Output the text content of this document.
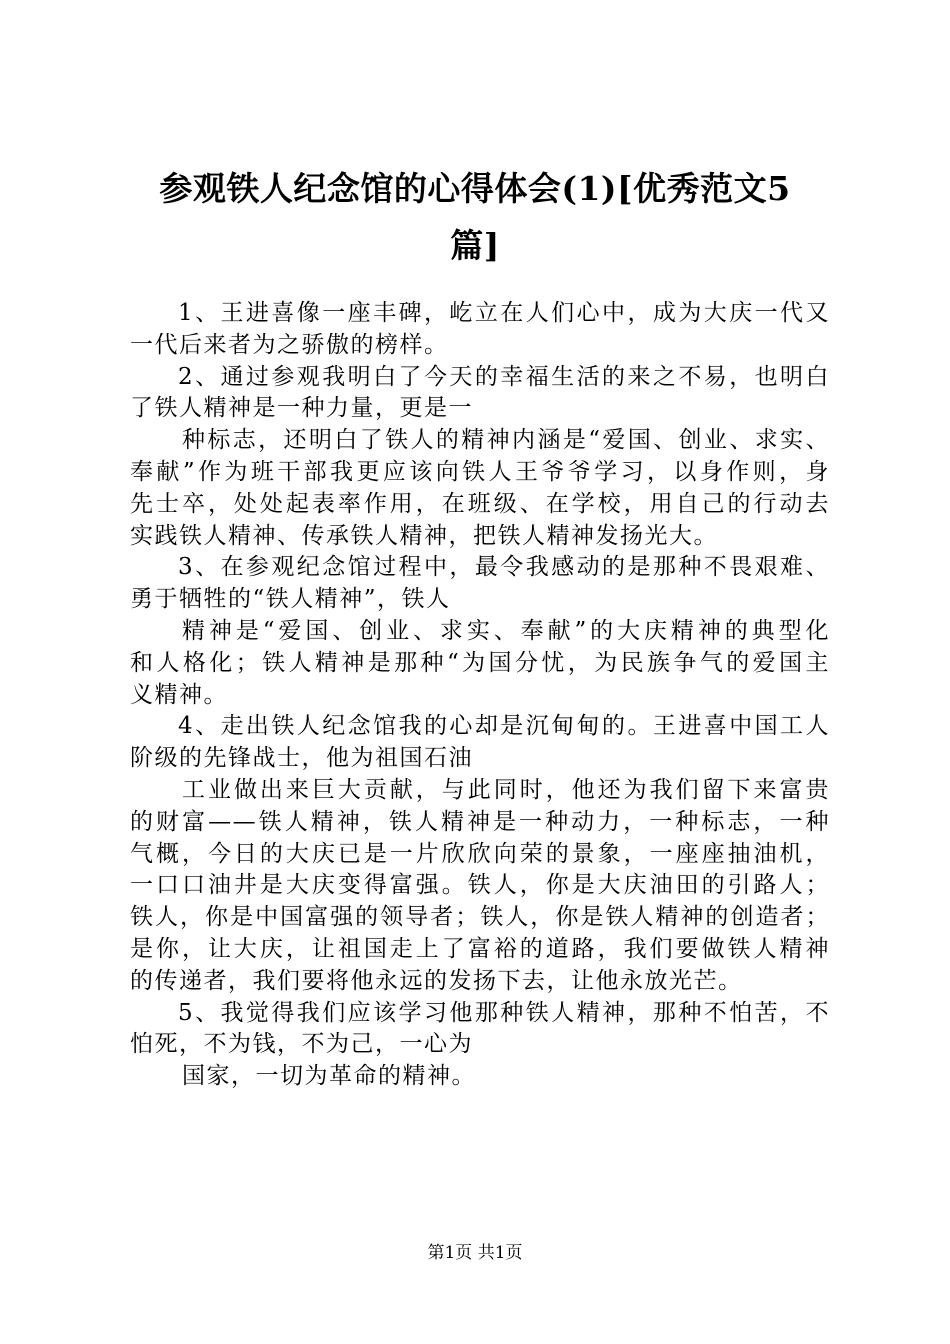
参观铁人纪念馆的心得体会(1)[优秀范文5
篇]
1、王进喜像一座丰碑，屹立在人们心中，成为大庆一代又
一代后来者为之骄傲的榜样。
2、通过参观我明白了今天的幸福生活的来之不易，也明白
了铁人精神是一种力量，更是一
种标志，还明白了铁人的精神内涵是“爱国、创业、求实、
奉献”作为班干部我更应该向铁人王爷爷学习，以身作则，身
先士卒，处处起表率作用，在班级、在学校，用自己的行动去
实践铁人精神、传承铁人精神，把铁人精神发扬光大。
3、在参观纪念馆过程中，最令我感动的是那种不畏艰难、
勇于牺牲的“铁人精神”，铁人
精神是“爱国、创业、求实、奉献”的大庆精神的典型化
和人格化；铁人精神是那种“为国分忧，为民族争气的爱国主
义精神。
4、走出铁人纪念馆我的心却是沉甸甸的。王进喜中国工人
阶级的先锋战士，他为祖国石油
工业做出来巨大贡献，与此同时，他还为我们留下来富贵
的财富——铁人精神，铁人精神是一种动力，一种标志，一种
气概，今日的大庆已是一片欣欣向荣的景象，一座座抽油机，
一口口油井是大庆变得富强。铁人，你是大庆油田的引路人；
铁人，你是中国富强的领导者；铁人，你是铁人精神的创造者；
是你，让大庆，让祖国走上了富裕的道路，我们要做铁人精神
的传递者，我们要将他永远的发扬下去，让他永放光芒。
5、我觉得我们应该学习他那种铁人精神，那种不怕苦，不
怕死，不为钱，不为己，一心为
国家，一切为革命的精神。
第1页 共1页
